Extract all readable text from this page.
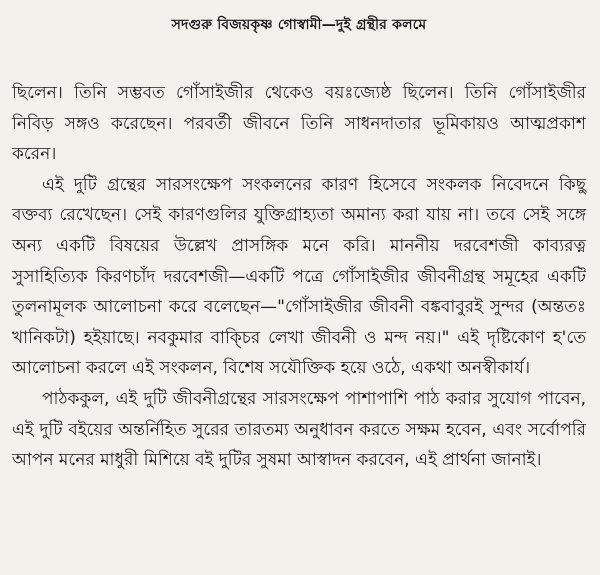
সদগুরু বিজয়কৃষ্ণ গোস্বামী—দুই গ্রন্থীর কলমে

ছিলেন। তিনি সম্ভবত গোঁসাইজীর থেকেও বয়ঃজ্যেষ্ঠ ছিলেন। তিনি গোঁসাইজীর নিবিড় সঙ্গও করেছেন। পরবর্তী জীবনে তিনি সাধনদাতার ভূমিকায়ও আত্মপ্রকাশ করেন।

এই দুটি গ্রন্থের সারসংক্ষেপ সংকলনের কারণ হিসেবে সংকলক নিবেদনে কিছু বক্তব্য রেখেছেন। সেই কারণগুলির যুক্তিগ্রাহ্যতা অমান্য করা যায় না। তবে সেই সঙ্গে অন্য একটি বিষয়ের উল্লেখ প্রাসঙ্গিক মনে করি। মাননীয় দরবেশজী কাব্যরত্ন সুসাহিত্যিক কিরণচাঁদ দরবেশজী—একটি পত্রে গোঁসাইজীর জীবনীগ্রন্থ সমূহের একটি তুলনামূলক আলোচনা করে বলেছেন—"গোঁসাইজীর জীবনী বঙ্কবাবুরই সুন্দর (অন্ততঃ খানিকটা) হইয়াছে। নবকুমার বাক্চির লেখা জীবনী ও মন্দ নয়।" এই দৃষ্টিকোণ হ'তে আলোচনা করলে এই সংকলন, বিশেষ সযৌক্তিক হয়ে ওঠে, একথা অনস্বীকার্য।

পাঠককুল, এই দুটি জীবনীগ্রন্থের সারসংক্ষেপ পাশাপাশি পাঠ করার সুযোগ পাবেন, এই দুটি বইয়ের অন্তর্নিহিত সুরের তারতম্য অনুধাবন করতে সক্ষম হবেন, এবং সর্বোপরি আপন মনের মাধুরী মিশিয়ে বই দুটির সুষমা আস্বাদন করবেন, এই প্রার্থনা জানাই।
